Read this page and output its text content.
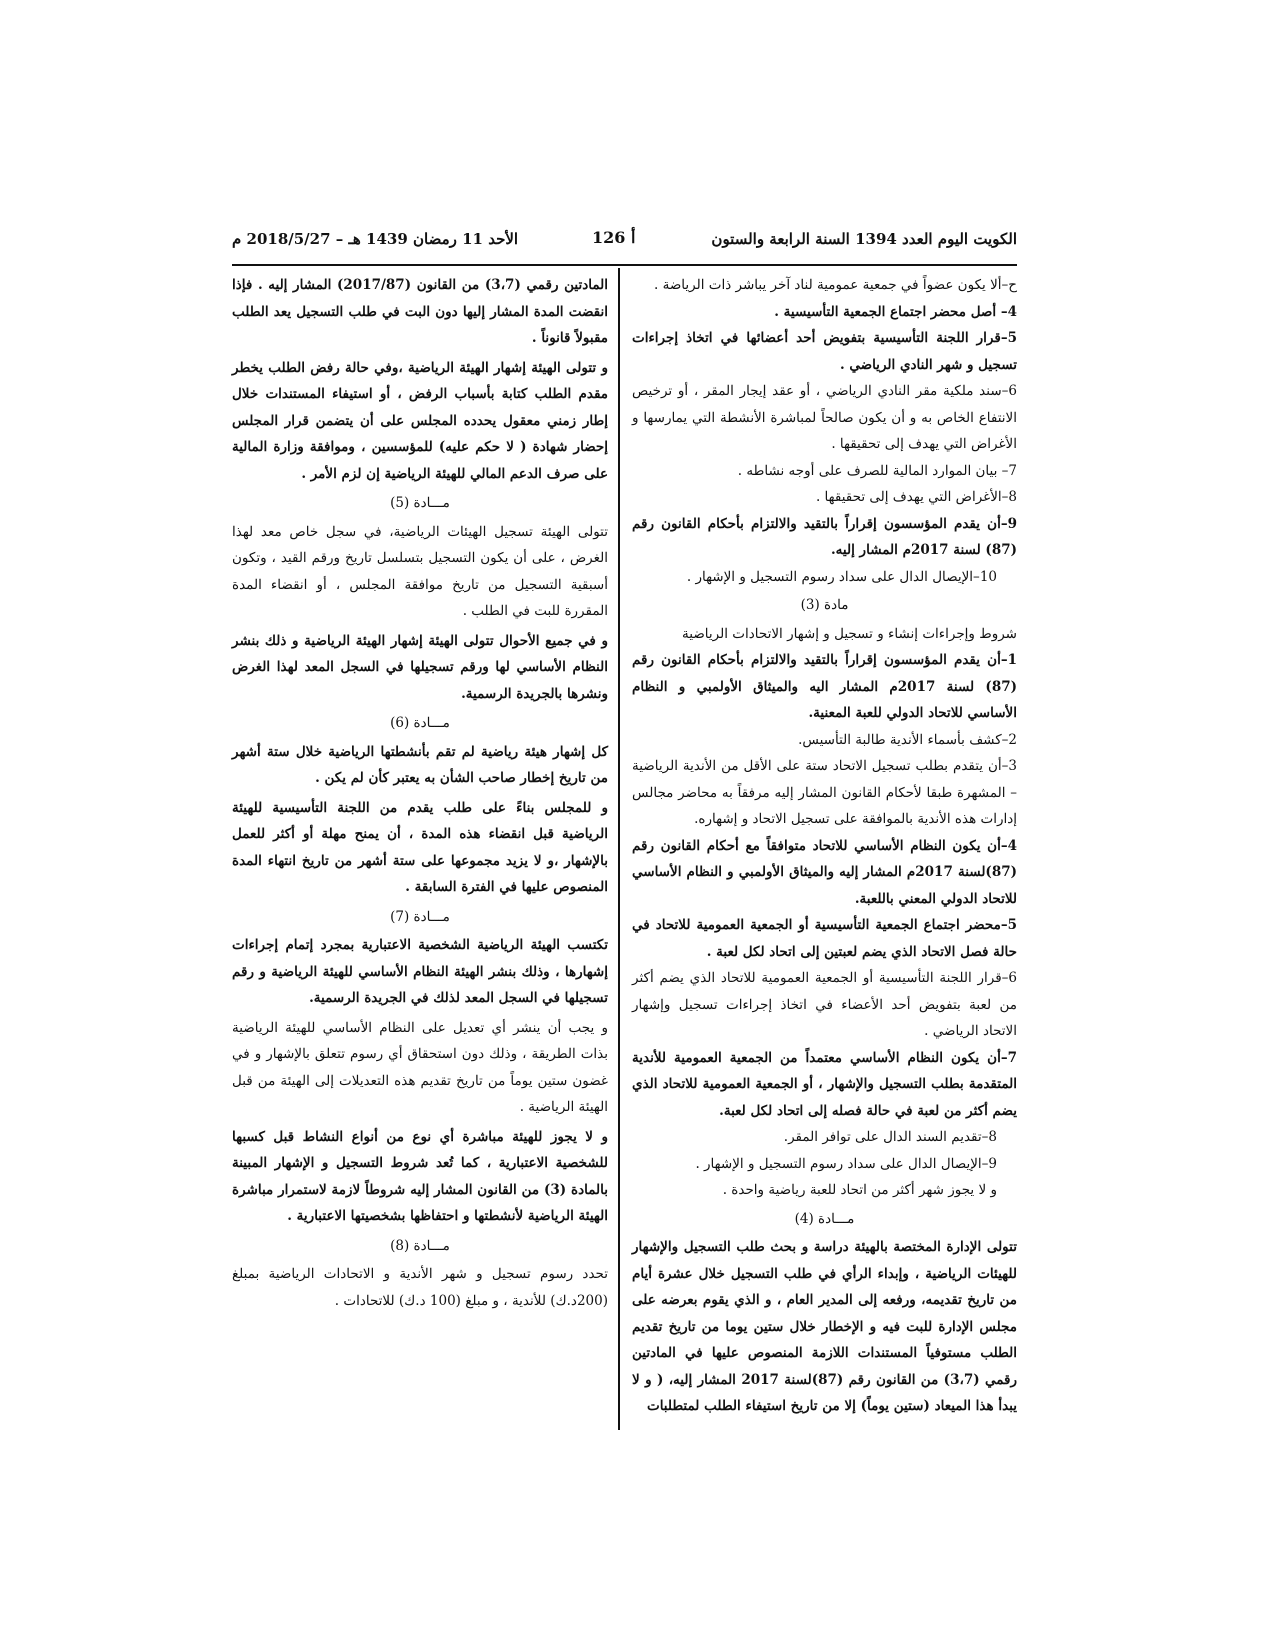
الكويت اليوم العدد 1394 السنة الرابعة والستون
126 أ
الأحد 11 رمضان 1439 هـ – 2018/5/27 م

ح–ألا يكون عضواً في جمعية عمومية لناد آخر يباشر ذات الرياضة .

4– أصل محضر اجتماع الجمعية التأسيسية .

5–قرار اللجنة التأسيسية بتفويض أحد أعضائها في اتخاذ إجراءات تسجيل و شهر النادي الرياضي .

6–سند ملكية مقر النادي الرياضي ، أو عقد إيجار المقر ، أو ترخيص الانتفاع الخاص به و أن يكون صالحاً لمباشرة الأنشطة التي يمارسها و الأغراض التي يهدف إلى تحقيقها .

7– بيان الموارد المالية للصرف على أوجه نشاطه .

8–الأغراض التي يهدف إلى تحقيقها .

9–أن يقدم المؤسسون إقراراً بالتقيد والالتزام بأحكام القانون رقم (87) لسنة 2017م المشار إليه.

10–الإيصال الدال على سداد رسوم التسجيل و الإشهار .

مادة (3)

شروط وإجراءات إنشاء و تسجيل و إشهار الاتحادات الرياضية

1–أن يقدم المؤسسون إقراراً بالتقيد والالتزام بأحكام القانون رقم (87) لسنة 2017م المشار اليه والميثاق الأولمبي و النظام الأساسي للاتحاد الدولي للعبة المعنية.

2–كشف بأسماء الأندية طالبة التأسيس.

3–أن يتقدم بطلب تسجيل الاتحاد ستة على الأقل من الأندية الرياضية – المشهرة طبقا لأحكام القانون المشار إليه مرفقاً به محاضر مجالس إدارات هذه الأندية بالموافقة على تسجيل الاتحاد و إشهاره.

4–أن يكون النظام الأساسي للاتحاد متوافقاً مع أحكام القانون رقم (87)لسنة 2017م المشار إليه والميثاق الأولمبي و النظام الأساسي للاتحاد الدولي المعني باللعبة.

5–محضر اجتماع الجمعية التأسيسية أو الجمعية العمومية للاتحاد في حالة فصل الاتحاد الذي يضم لعبتين إلى اتحاد لكل لعبة .

6–قرار اللجنة التأسيسية أو الجمعية العمومية للاتحاد الذي يضم أكثر من لعبة بتفويض أحد الأعضاء في اتخاذ إجراءات تسجيل وإشهار الاتحاد الرياضي .

7–أن يكون النظام الأساسي معتمداً من الجمعية العمومية للأندية المتقدمة بطلب التسجيل والإشهار ، أو الجمعية العمومية للاتحاد الذي يضم أكثر من لعبة في حالة فصله إلى اتحاد لكل لعبة.

8–تقديم السند الدال على توافر المقر.

9–الإيصال الدال على سداد رسوم التسجيل و الإشهار .

و لا يجوز شهر أكثر من اتحاد للعبة رياضية واحدة .

مـــادة (4)

تتولى الإدارة المختصة بالهيئة دراسة و بحث طلب التسجيل والإشهار للهيئات الرياضية ، وإبداء الرأي في طلب التسجيل خلال عشرة أيام من تاريخ تقديمه، ورفعه إلى المدير العام ، و الذي يقوم بعرضه على مجلس الإدارة للبت فيه و الإخطار خلال ستين يوما من تاريخ تقديم الطلب مستوفياً المستندات اللازمة المنصوص عليها في المادتين رقمي (3،7) من القانون رقم (87)لسنة 2017 المشار إليه، ( و لا يبدأ هذا الميعاد (ستين يوماً) إلا من تاريخ استيفاء الطلب لمتطلبات

المادتين رقمي (3،7) من القانون (2017/87) المشار إليه . فإذا انقضت المدة المشار إليها دون البت في طلب التسجيل يعد الطلب مقبولاً قانوناً .

و تتولى الهيئة إشهار الهيئة الرياضية ،وفي حالة رفض الطلب يخطر مقدم الطلب كتابة بأسباب الرفض ، أو استيفاء المستندات خلال إطار زمني معقول يحدده المجلس على أن يتضمن قرار المجلس إحضار شهادة ( لا حكم عليه) للمؤسسين ، وموافقة وزارة المالية على صرف الدعم المالي للهيئة الرياضية إن لزم الأمر .

مـــادة (5)

تتولى الهيئة تسجيل الهيئات الرياضية، في سجل خاص معد لهذا الغرض ، على أن يكون التسجيل بتسلسل تاريخ ورقم القيد ، وتكون أسبقية التسجيل من تاريخ موافقة المجلس ، أو انقضاء المدة المقررة للبت في الطلب .

و في جميع الأحوال تتولى الهيئة إشهار الهيئة الرياضية و ذلك بنشر النظام الأساسي لها ورقم تسجيلها في السجل المعد لهذا الغرض ونشرها بالجريدة الرسمية.

مـــادة (6)

كل إشهار هيئة رياضية لم تقم بأنشطتها الرياضية خلال ستة أشهر من تاريخ إخطار صاحب الشأن به يعتبر كأن لم يكن .

و للمجلس بناءً على طلب يقدم من اللجنة التأسيسية للهيئة الرياضية قبل انقضاء هذه المدة ، أن يمنح مهلة أو أكثر للعمل بالإشهار ،و لا يزيد مجموعها على ستة أشهر من تاريخ انتهاء المدة المنصوص عليها في الفترة السابقة .

مـــادة (7)

تكتسب الهيئة الرياضية الشخصية الاعتبارية بمجرد إتمام إجراءات إشهارها ، وذلك بنشر الهيئة النظام الأساسي للهيئة الرياضية و رقم تسجيلها في السجل المعد لذلك في الجريدة الرسمية.

و يجب أن ينشر أي تعديل على النظام الأساسي للهيئة الرياضية بذات الطريقة ، وذلك دون استحقاق أي رسوم تتعلق بالإشهار و في غضون ستين يوماً من تاريخ تقديم هذه التعديلات إلى الهيئة من قبل الهيئة الرياضية .

و لا يجوز للهيئة مباشرة أي نوع من أنواع النشاط قبل كسبها للشخصية الاعتبارية ، كما تُعد شروط التسجيل و الإشهار المبينة بالمادة (3) من القانون المشار إليه شروطاً لازمة لاستمرار مباشرة الهيئة الرياضية لأنشطتها و احتفاظها بشخصيتها الاعتبارية .

مـــادة (8)

تحدد رسوم تسجيل و شهر الأندية و الاتحادات الرياضية بمبلغ (200د.ك) للأندية ، و مبلغ (100 د.ك) للاتحادات .
